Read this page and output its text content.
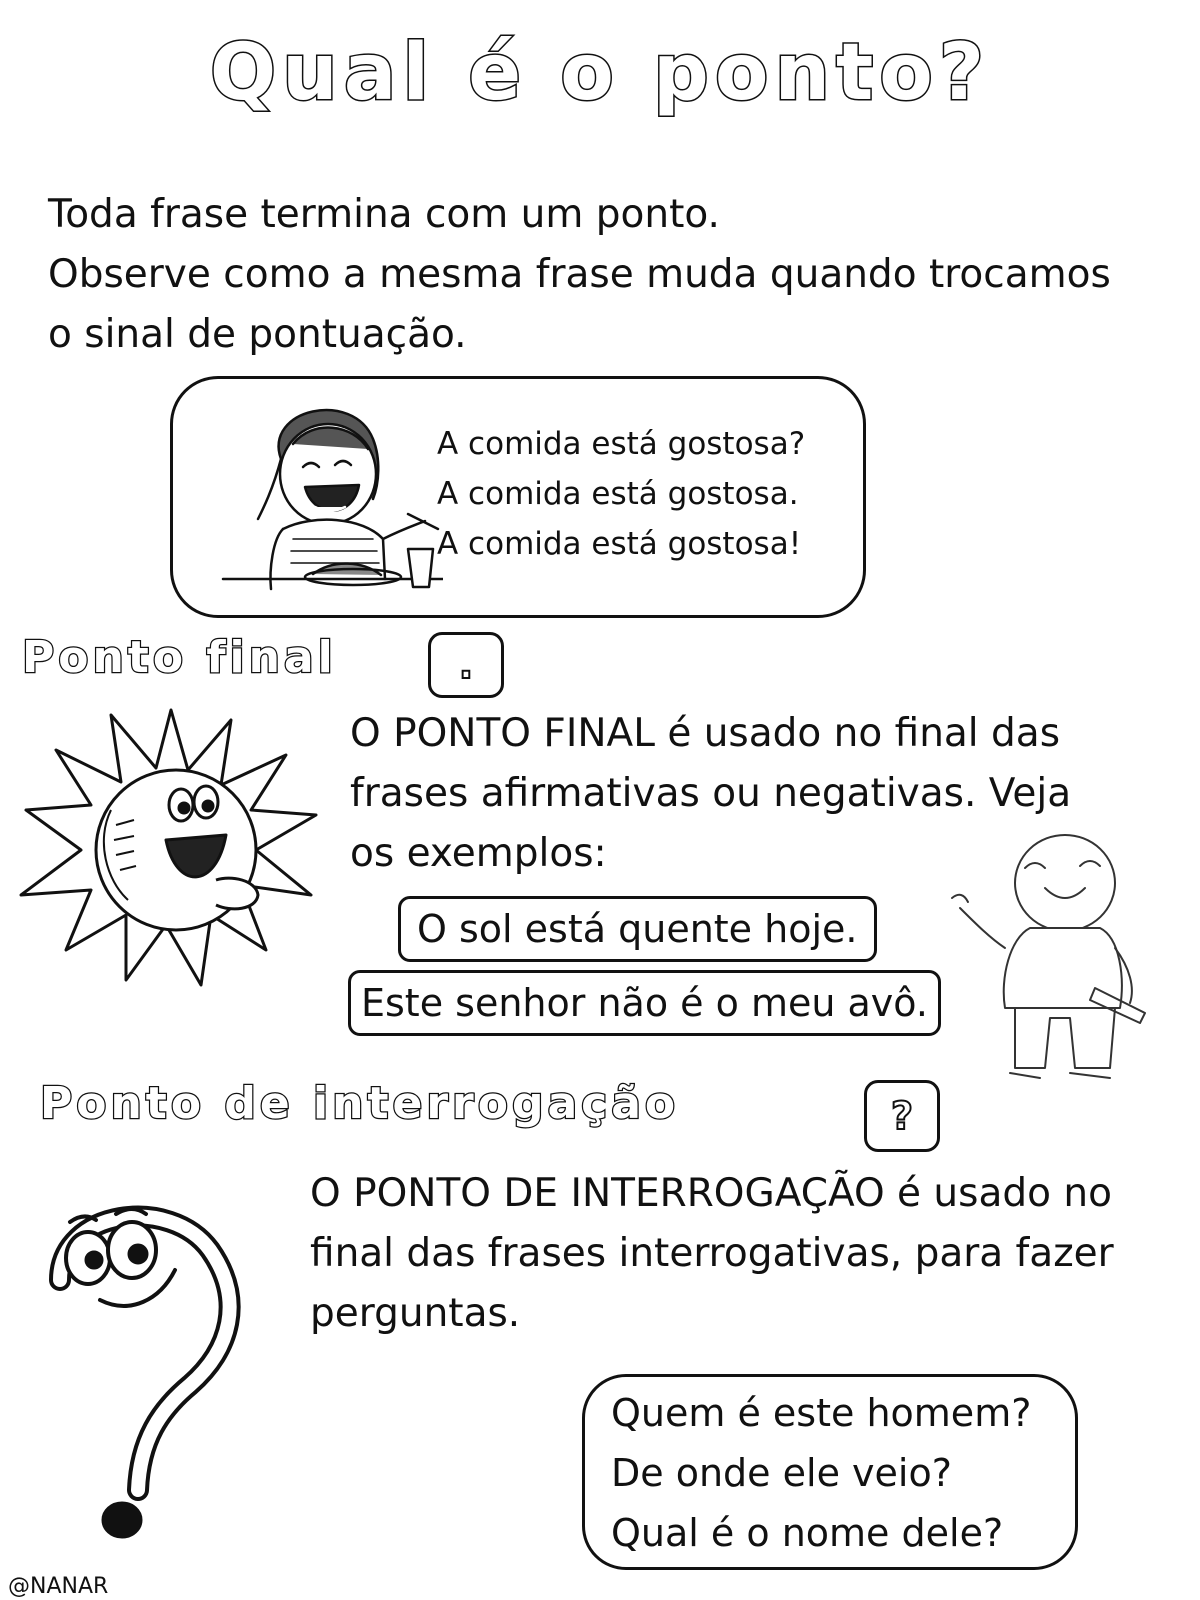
Qual é o ponto?

Toda frase termina com um ponto.
Observe como a mesma frase muda quando trocamos
o sinal de pontuação.

A comida está gostosa?
A comida está gostosa.
A comida está gostosa!
Ponto final	.

O PONTO FINAL é usado no final das
frases afirmativas ou negativas. Veja
os exemplos:

O sol está quente hoje.
Este senhor não é o meu avô.
Ponto de interrogação	?

O PONTO DE INTERROGAÇÃO é usado no
final das frases interrogativas, para fazer
perguntas.

Quem é este homem?
De onde ele veio?
Qual é o nome dele?
@NANAR
